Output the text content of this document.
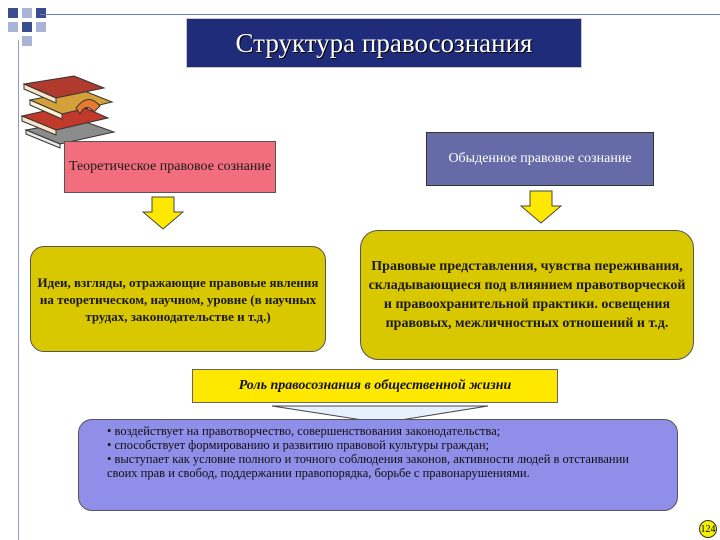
Структура правосознания
Теоретическое правовое сознание
Обыденное правовое сознание
Идеи, взгляды, отражающие правовые явления на теоретическом, научном, уровне (в научных трудах, законодательстве и т.д.)
Правовые представления, чувства переживания, складывающиеся под влиянием правотворческой и правоохранительной практики. освещения правовых, межличностных отношений и т.д.
Роль правосознания в общественной жизни
• воздействует на правотворчество, совершенствования законодательства;
• способствует формированию и развитию правовой культуры граждан;
• выступает как условие полного и точного соблюдения законов, активности людей в отстаивании своих прав и свобод, поддержании правопорядка, борьбе с правонарушениями.
124
